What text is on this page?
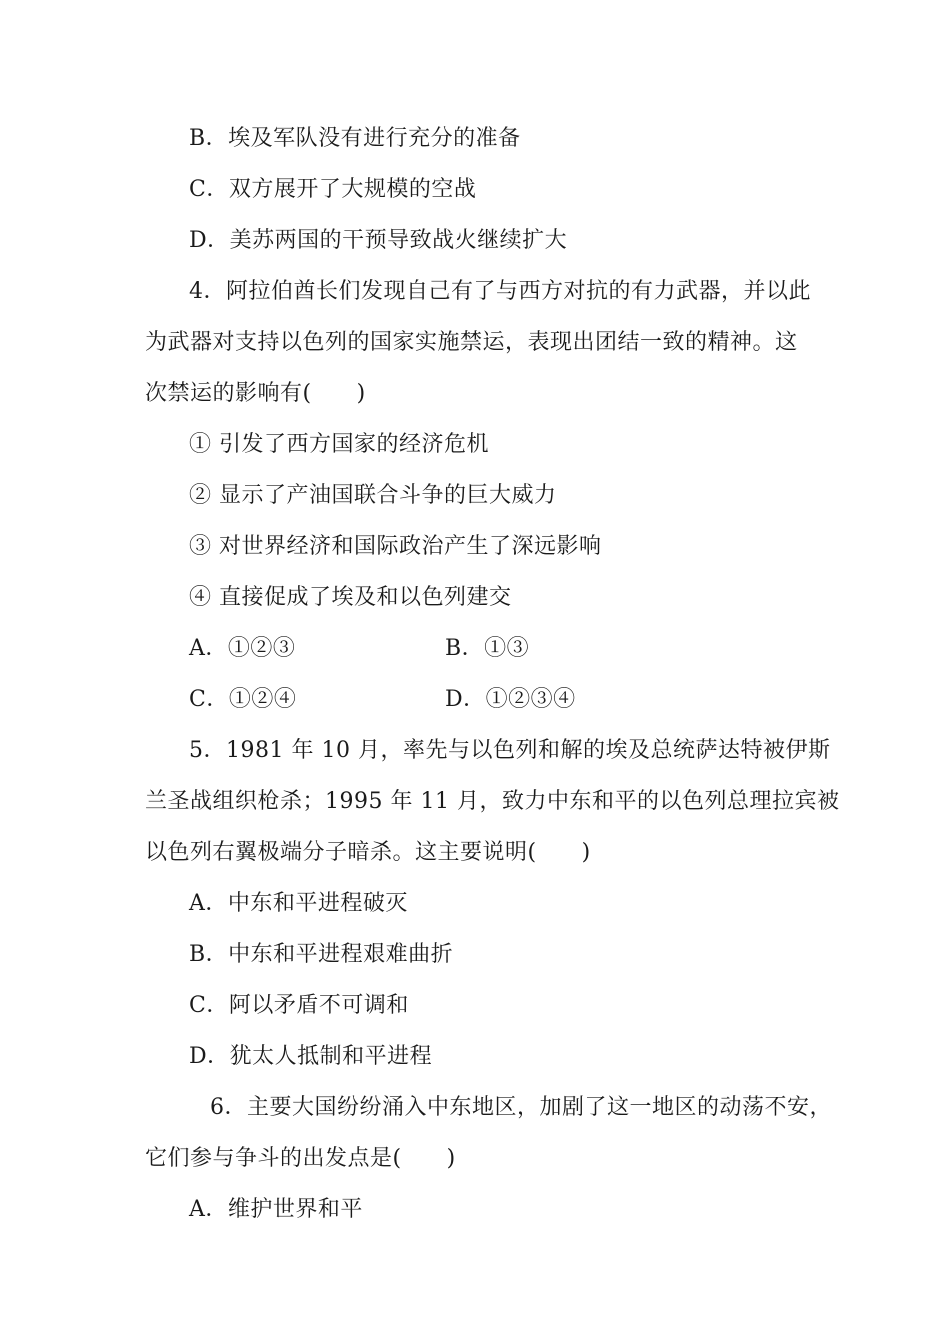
B．埃及军队没有进行充分的准备
C．双方展开了大规模的空战
D．美苏两国的干预导致战火继续扩大
4．阿拉伯酋长们发现自己有了与西方对抗的有力武器，并以此
为武器对支持以色列的国家实施禁运，表现出团结一致的精神。这
次禁运的影响有(　　)
① 引发了西方国家的经济危机
② 显示了产油国联合斗争的巨大威力
③ 对世界经济和国际政治产生了深远影响
④ 直接促成了埃及和以色列建交
A．①②③	B．①③
C．①②④	D．①②③④
5．1981 年 10 月，率先与以色列和解的埃及总统萨达特被伊斯
兰圣战组织枪杀；1995 年 11 月，致力中东和平的以色列总理拉宾被
以色列右翼极端分子暗杀。这主要说明(　　)
A．中东和平进程破灭
B．中东和平进程艰难曲折
C．阿以矛盾不可调和
D．犹太人抵制和平进程
6．主要大国纷纷涌入中东地区，加剧了这一地区的动荡不安，
它们参与争斗的出发点是(　　)
A．维护世界和平
